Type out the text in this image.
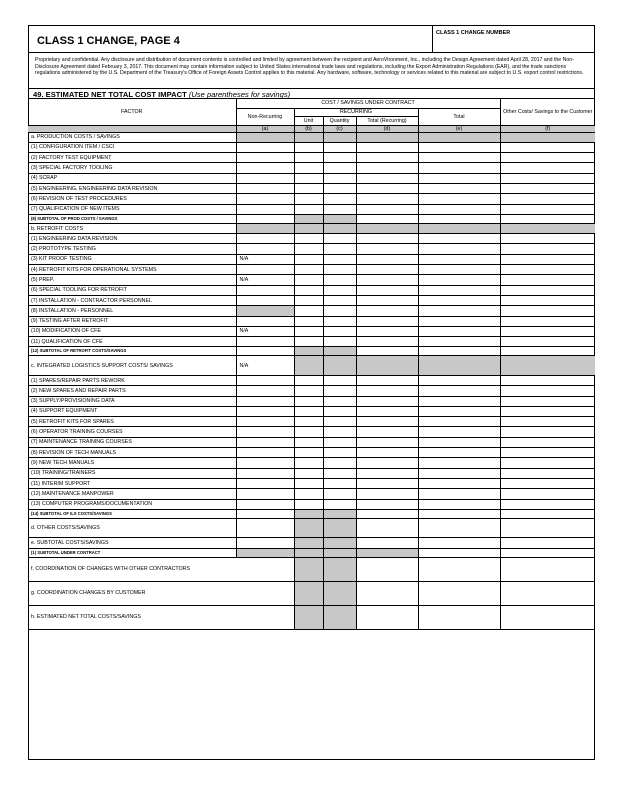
CLASS 1 CHANGE, PAGE 4
CLASS 1 CHANGE NUMBER
Proprietary and confidential. Any disclosure and distribution of document contents is controlled and limited by agreement between the recipient and AeroVironment, Inc., including the Design Agreement dated April 28, 2017 and the Non-Disclosure Agreement dated February 3, 2017. This document may contain information subject to United States international trade laws and regulations, including the Export Administration Regulations (EAR), and the trade sanctions regulations administered by the U.S. Department of the Treasury's Office of Foreign Assets Control applies to this material. Any hardware, software, technology or services related to this material are subject to U.S. export control restrictions.
49. ESTIMATED NET TOTAL COST IMPACT (Use parentheses for savings)
FACTOR	COST / SAVINGS UNDER CONTRACT					Other Costs/ Savings to the Customer
	Non-Recurring	RECURRING			Total	
		Unit	Quantity	Total (Recurring)		
	(a)	(b)	(c)	(d)	(e)	(f)

a. PRODUCTION COSTS / SAVINGS						

(1) CONFIGURATION ITEM / CSCI						

(2) FACTORY TEST EQUIPMENT						

(3) SPECIAL FACTORY TOOLING						

(4) SCRAP						

(5) ENGINEERING, ENGINEERING DATA REVISION						

(6) REVISION OF TEST PROCEDURES						

(7) QUALIFICATION OF NEW ITEMS						

(8) SUBTOTAL OF PROD COSTS / SAVINGS						

b. RETROFIT COSTS						

(1) ENGINEERING DATA REVISION						

(2) PROTOTYPE TESTING						

(3) KIT PROOF TESTING	N/A					

(4) RETROFIT KITS FOR OPERATIONAL SYSTEMS						

(5) PREP.	N/A					

(6) SPECIAL TOOLING FOR RETROFIT						

(7) INSTALLATION - CONTRACTOR PERSONNEL						

(8) INSTALLATION - PERSONNEL						

(9) TESTING AFTER RETROFIT						

(10) MODIFICATION OF CFE	N/A					

(11) QUALIFICATION OF CFE						

(12) SUBTOTAL OF RETROFIT COSTS/SAVINGS						

c. INTEGRATED LOGISTICS SUPPORT COSTS/ SAVINGS	N/A					

(1) SPARES/REPAIR PARTS REWORK						

(2) NEW SPARES AND REPAIR PARTS						

(3) SUPPLY/PROVISIONING DATA						

(4) SUPPORT EQUIPMENT						

(5) RETROFIT KITS FOR SPARES						

(6) OPERATOR TRAINING COURSES						

(7) MAINTENANCE TRAINING COURSES						

(8) REVISION OF TECH MANUALS						

(9) NEW TECH MANUALS						

(10) TRAINING/TRAINERS						

(11) INTERIM SUPPORT						

(12) MAINTENANCE MANPOWER						

(13) COMPUTER PROGRAMS/DOCUMENTATION						

(14) SUBTOTAL OF ILS COSTS/SAVINGS						

d. OTHER COSTS/SAVINGS						

e. SUBTOTAL COSTS/SAVINGS						

(1) SUBTOTAL UNDER CONTRACT						

f. COORDINATION OF CHANGES WITH OTHER CONTRACTORS						

g. COORDINATION CHANGES BY CUSTOMER						

h. ESTIMATED NET TOTAL COSTS/SAVINGS						
